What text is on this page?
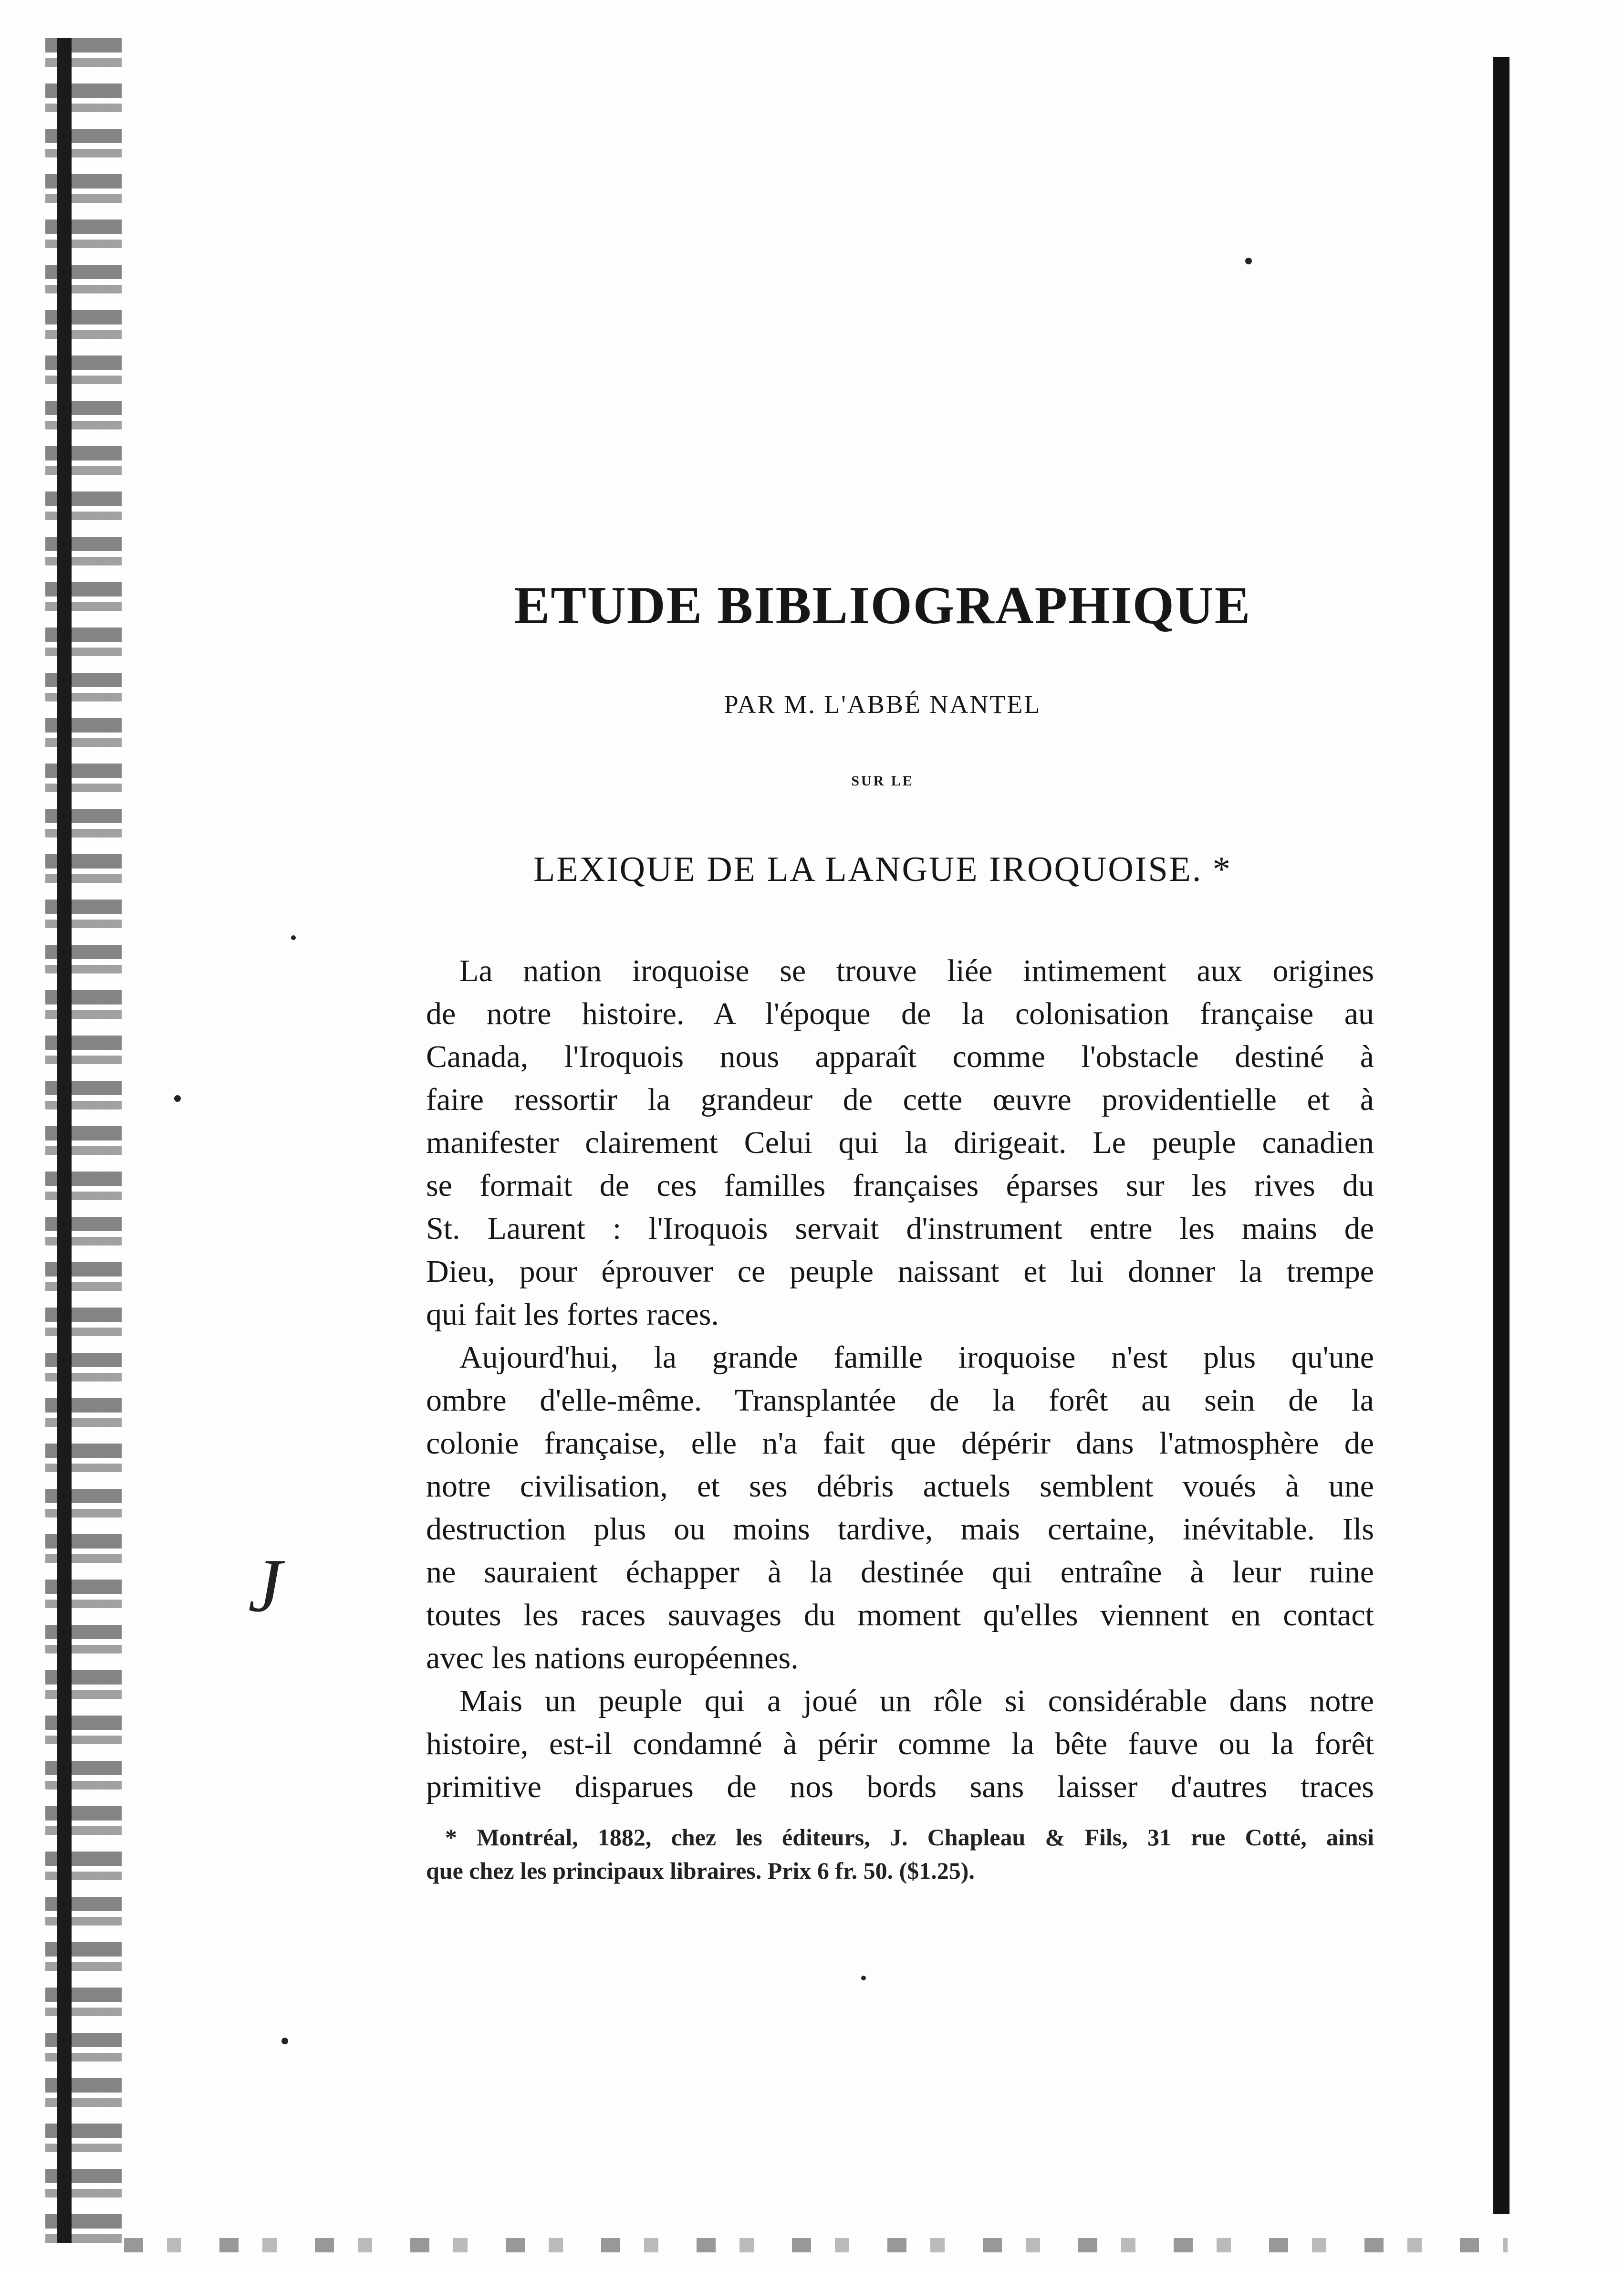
ETUDE BIBLIOGRAPHIQUE
PAR M. L'ABBÉ NANTEL
SUR LE
LEXIQUE DE LA LANGUE IROQUOISE. *
J
La nation iroquoise se trouve liée intimement aux origines
de notre histoire. A l'époque de la colonisation française au
Canada, l'Iroquois nous apparaît comme l'obstacle destiné à
faire ressortir la grandeur de cette œuvre providentielle et à
manifester clairement Celui qui la dirigeait. Le peuple canadien
se formait de ces familles françaises éparses sur les rives du
St. Laurent : l'Iroquois servait d'instrument entre les mains de
Dieu, pour éprouver ce peuple naissant et lui donner la trempe
qui fait les fortes races.
Aujourd'hui, la grande famille iroquoise n'est plus qu'une
ombre d'elle-même. Transplantée de la forêt au sein de la
colonie française, elle n'a fait que dépérir dans l'atmosphère de
notre civilisation, et ses débris actuels semblent voués à une
destruction plus ou moins tardive, mais certaine, inévitable. Ils
ne sauraient échapper à la destinée qui entraîne à leur ruine
toutes les races sauvages du moment qu'elles viennent en contact
avec les nations européennes.
Mais un peuple qui a joué un rôle si considérable dans notre
histoire, est-il condamné à périr comme la bête fauve ou la forêt
primitive disparues de nos bords sans laisser d'autres traces
* Montréal, 1882, chez les éditeurs, J. Chapleau & Fils, 31 rue Cotté, ainsi
que chez les principaux libraires. Prix 6 fr. 50. ($1.25).
